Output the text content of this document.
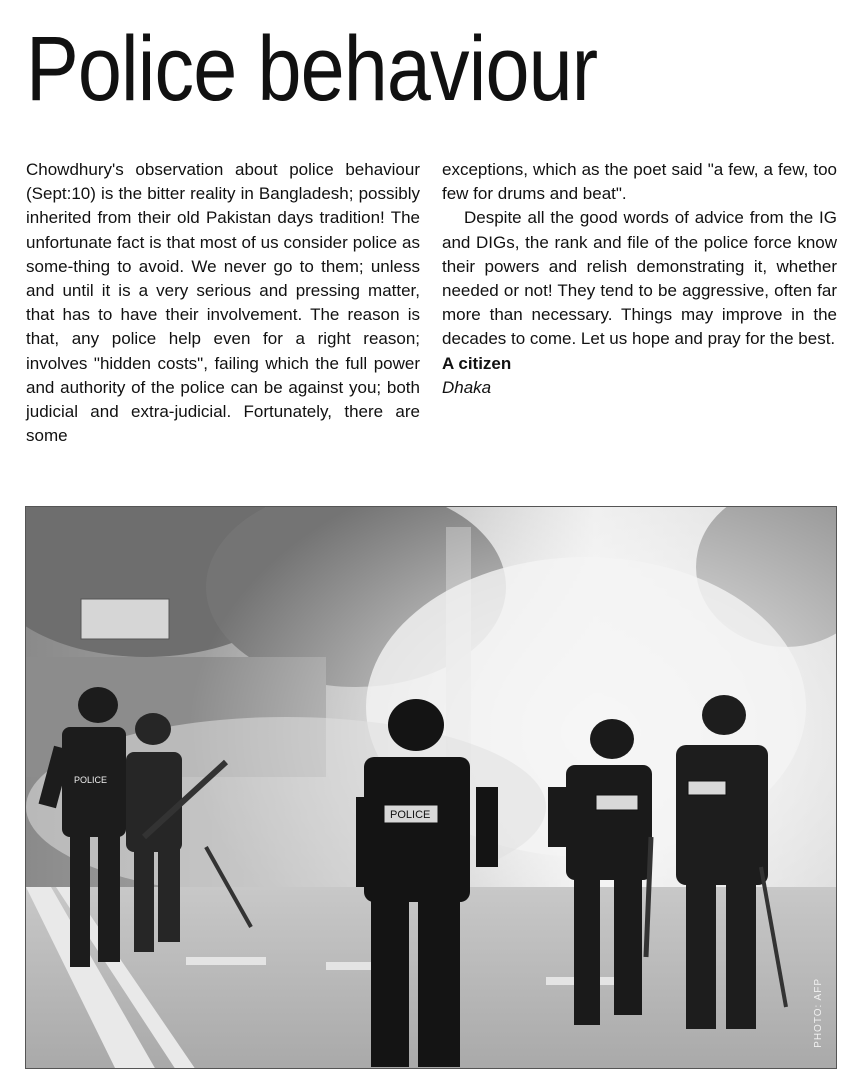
Police behaviour

Chowdhury's observation about police behaviour (Sept:10) is the bitter reality in Bangladesh; possibly inherited from their old Pakistan days tradition! The unfortunate fact is that most of us consider police as some-thing to avoid. We never go to them; unless and until it is a very serious and pressing matter, that has to have their involvement. The reason is that, any police help even for a right reason; involves "hidden costs", failing which the full power and authority of the police can be against you; both judicial and extra-judicial. Fortunately, there are some

exceptions, which as the poet said "a few, a few, too few for drums and beat".

Despite all the good words of advice from the IG and DIGs, the rank and file of the police force know their powers and relish demonstrating it, whether needed or not! They tend to be aggressive, often far more than necessary. Things may improve in the decades to come. Let us hope and pray for the best.

A citizen

Dhaka

POLICE
POLICE
PHOTO: AFP
